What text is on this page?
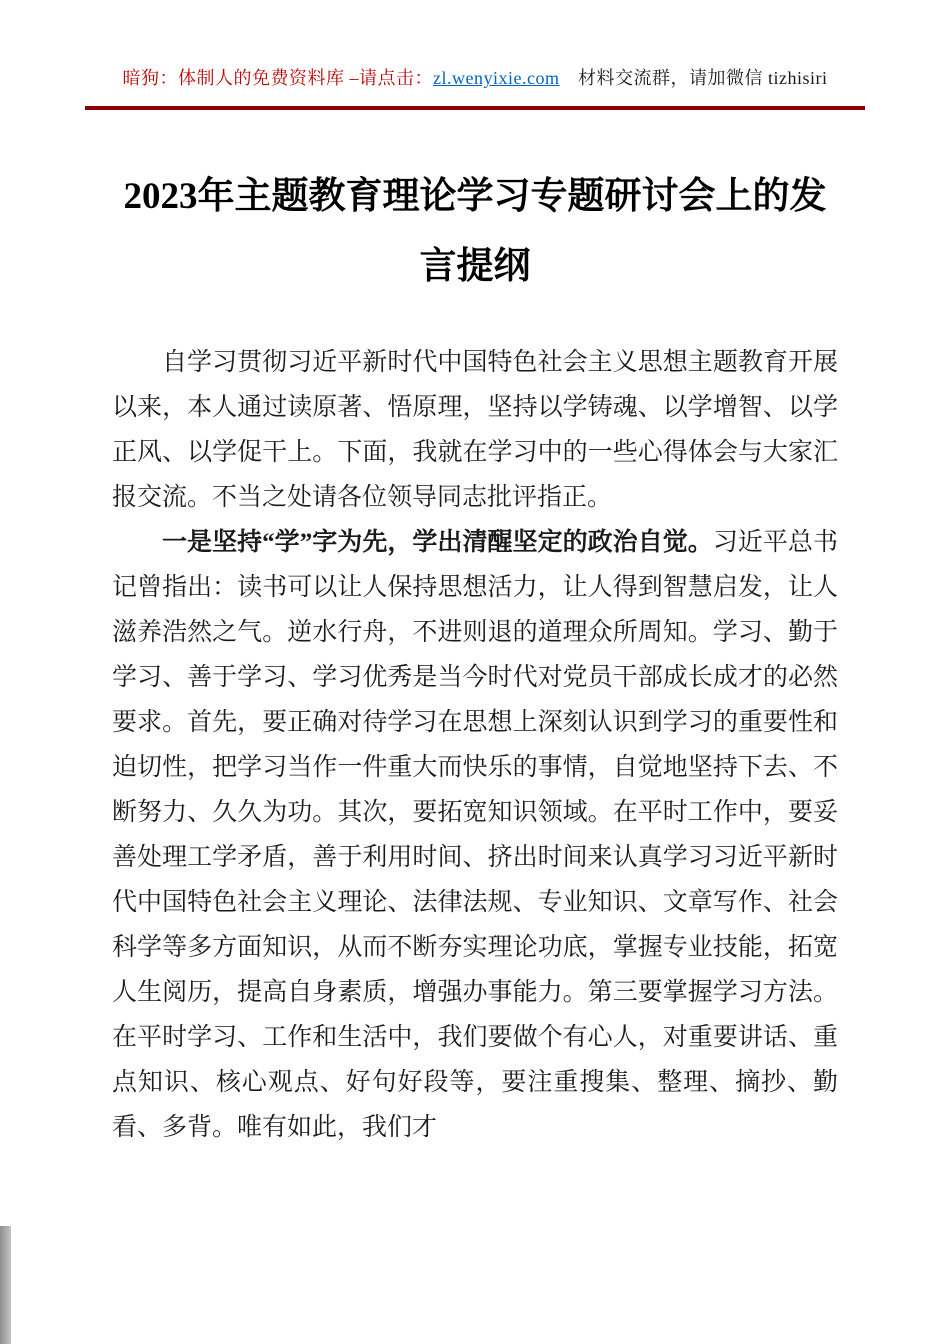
暗狗：体制人的免费资料库 –请点击：zl.wenyixie.com　材料交流群，请加微信 tizhisiri
2023年主题教育理论学习专题研讨会上的发言提纲

自学习贯彻习近平新时代中国特色社会主义思想主题教育开展以来，本人通过读原著、悟原理，坚持以学铸魂、以学增智、以学正风、以学促干上。下面，我就在学习中的一些心得体会与大家汇报交流。不当之处请各位领导同志批评指正。

一是坚持“学”字为先，学出清醒坚定的政治自觉。习近平总书记曾指出：读书可以让人保持思想活力，让人得到智慧启发，让人滋养浩然之气。逆水行舟，不进则退的道理众所周知。学习、勤于学习、善于学习、学习优秀是当今时代对党员干部成长成才的必然要求。首先，要正确对待学习在思想上深刻认识到学习的重要性和迫切性，把学习当作一件重大而快乐的事情，自觉地坚持下去、不断努力、久久为功。其次，要拓宽知识领域。在平时工作中，要妥善处理工学矛盾，善于利用时间、挤出时间来认真学习习近平新时代中国特色社会主义理论、法律法规、专业知识、文章写作、社会科学等多方面知识，从而不断夯实理论功底，掌握专业技能，拓宽人生阅历，提高自身素质，增强办事能力。第三要掌握学习方法。在平时学习、工作和生活中，我们要做个有心人，对重要讲话、重点知识、核心观点、好句好段等，要注重搜集、整理、摘抄、勤看、多背。唯有如此，我们才
